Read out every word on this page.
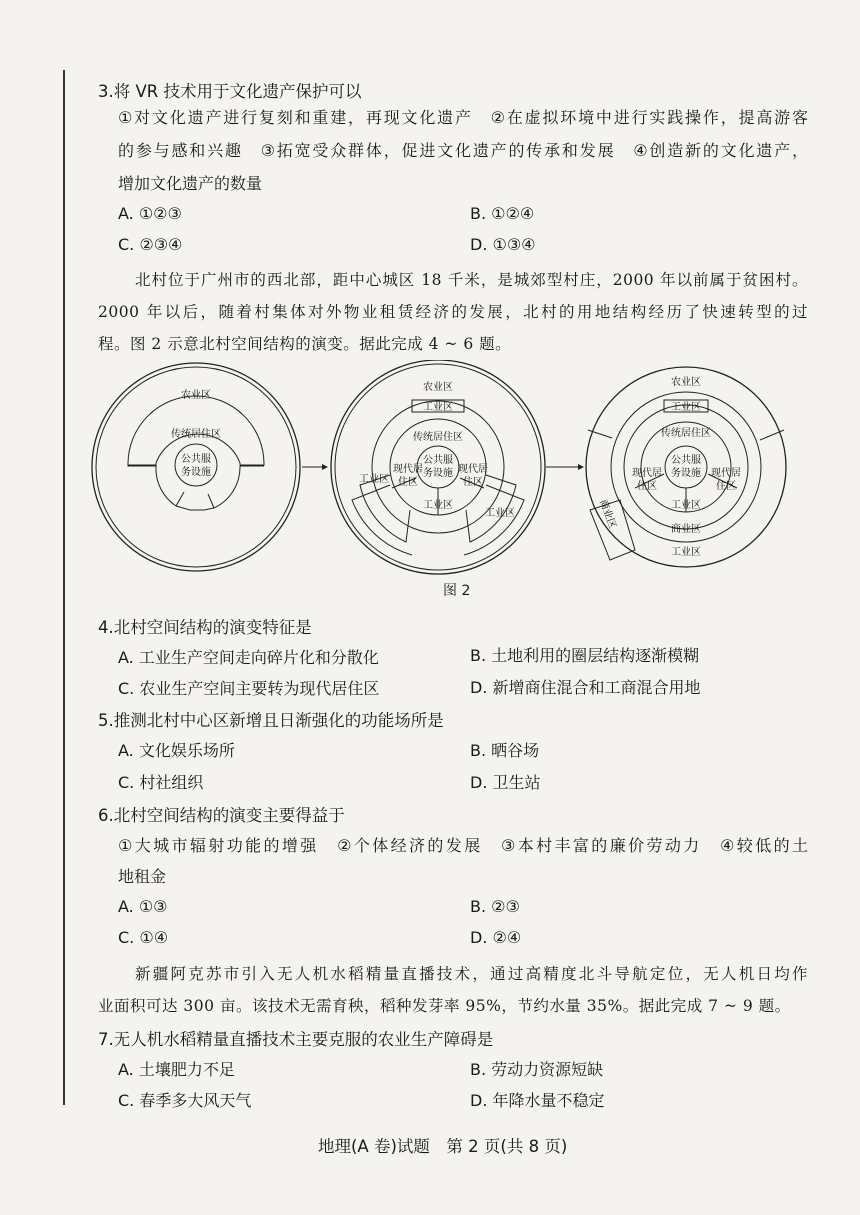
3.将 VR 技术用于文化遗产保护可以
①对文化遗产进行复刻和重建，再现文化遗产　②在虚拟环境中进行实践操作，提高游客
的参与感和兴趣　③拓宽受众群体，促进文化遗产的传承和发展　④创造新的文化遗产，
增加文化遗产的数量
A. ①②③	B. ①②④
C. ②③④	D. ①③④
北村位于广州市的西北部，距中心城区 18 千米，是城郊型村庄，2000 年以前属于贫困村。
2000 年以后，随着村集体对外物业租赁经济的发展，北村的用地结构经历了快速转型的过
程。图 2 示意北村空间结构的演变。据此完成 4 ~ 6 题。
农业区
传统居住区
公共服
务设施
农业区
工业区
传统居住区
公共服
务设施
工业区
现代居
住区
现代居
住区
工业区
工业区
农业区
工业区
传统居住区
公共服
务设施
现代居
住区
现代居
住区
工业区
商业区
工业区
商业区
图 2
4.北村空间结构的演变特征是
A. 工业生产空间走向碎片化和分散化	B. 土地利用的圈层结构逐渐模糊
C. 农业生产空间主要转为现代居住区	D. 新增商住混合和工商混合用地
5.推测北村中心区新增且日渐强化的功能场所是
A. 文化娱乐场所	B. 晒谷场
C. 村社组织	D. 卫生站
6.北村空间结构的演变主要得益于
①大城市辐射功能的增强　②个体经济的发展　③本村丰富的廉价劳动力　④较低的土
地租金
A. ①③	B. ②③
C. ①④	D. ②④
新疆阿克苏市引入无人机水稻精量直播技术，通过高精度北斗导航定位，无人机日均作
业面积可达 300 亩。该技术无需育秧，稻种发芽率 95%，节约水量 35%。据此完成 7 ~ 9 题。
7.无人机水稻精量直播技术主要克服的农业生产障碍是
A. 土壤肥力不足	B. 劳动力资源短缺
C. 春季多大风天气	D. 年降水量不稳定
地理(A 卷)试题　第 2 页(共 8 页)
